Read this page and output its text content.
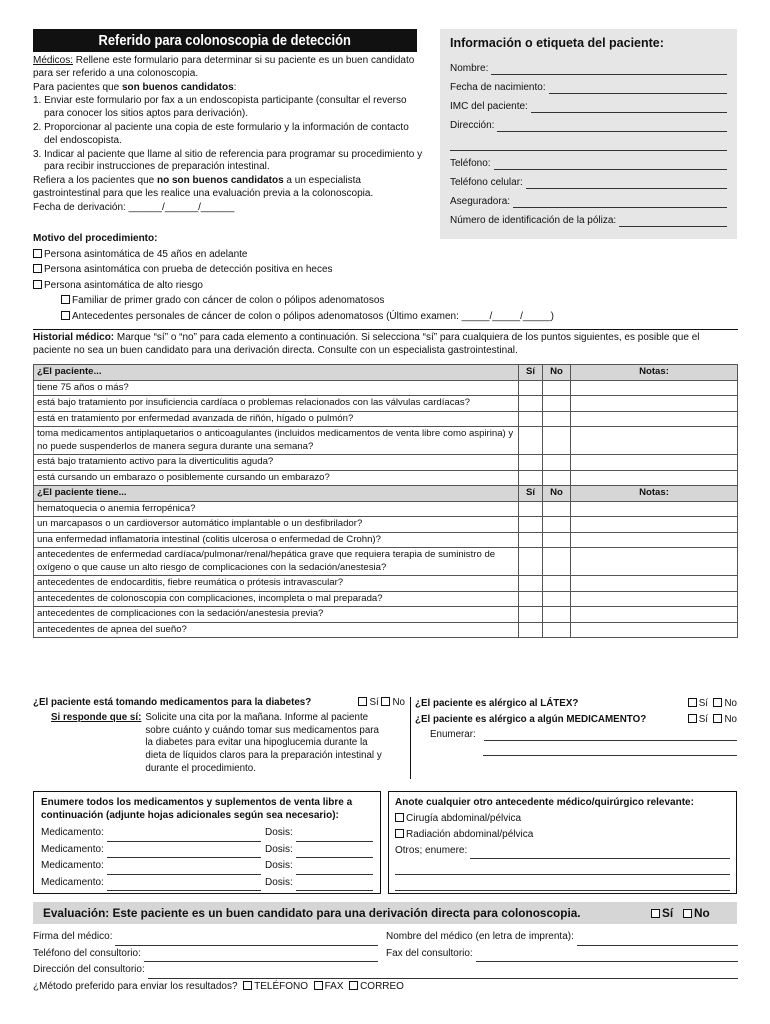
Referido para colonoscopia de detección	Información o etiqueta del paciente:
Nombre:
Fecha de nacimiento:
IMC del paciente:
Dirección:
Teléfono:
Teléfono celular:
Aseguradora:
Número de identificación de la póliza:

Médicos: Rellene este formulario para determinar si su paciente es un buen candidato para ser referido a una colonoscopia.

Para pacientes que son buenos candidatos:

1. Enviar este formulario por fax a un endoscopista participante (consultar el reverso para conocer los sitios aptos para derivación).

2. Proporcionar al paciente una copia de este formulario y la información de contacto del endoscopista.

3. Indicar al paciente que llame al sitio de referencia para programar su procedimiento y para recibir instrucciones de preparación intestinal.

Refiera a los pacientes que no son buenos candidatos a un especialista gastrointestinal para que les realice una evaluación previa a la colonoscopia.

Fecha de derivación: ______/______/______

Motivo del procedimiento:
Persona asintomática de 45 años en adelante
Persona asintomática con prueba de detección positiva en heces
Persona asintomática de alto riesgo
Familiar de primer grado con cáncer de colon o pólipos adenomatosos
Antecedentes personales de cáncer de colon o pólipos adenomatosos (Último examen: _____/_____/_____)
Historial médico: Marque “sí” o “no” para cada elemento a continuación. Si selecciona “sí” para cualquiera de los puntos siguientes, es posible que el paciente no sea un buen candidato para una derivación directa. Consulte con un especialista gastrointestinal.
¿El paciente...	Sí	No	Notas:
tiene 75 años o más?			
está bajo tratamiento por insuficiencia cardíaca o problemas relacionados con las válvulas cardíacas?			
está en tratamiento por enfermedad avanzada de riñón, hígado o pulmón?			
toma medicamentos antiplaquetarios o anticoagulantes (incluidos medicamentos de venta libre como aspirina) y no puede suspenderlos de manera segura durante una semana?			
está bajo tratamiento activo para la diverticulitis aguda?			
está cursando un embarazo o posiblemente cursando un embarazo?			
¿El paciente tiene...	Sí	No	Notas:
hematoquecia o anemia ferropénica?			
un marcapasos o un cardioversor automático implantable o un desfibrilador?			
una enfermedad inflamatoria intestinal (colitis ulcerosa o enfermedad de Crohn)?			
antecedentes de enfermedad cardíaca/pulmonar/renal/hepática grave que requiera terapia de suministro de oxígeno o que cause un alto riesgo de complicaciones con la sedación/anestesia?			
antecedentes de endocarditis, fiebre reumática o prótesis intravascular?			
antecedentes de colonoscopia con complicaciones, incompleta o mal preparada?			
antecedentes de complicaciones con la sedación/anestesia previa?			
antecedentes de apnea del sueño?			
¿El paciente está tomando medicamentos para la diabetes?	Sí No
Si responde que sí: Solicite una cita por la mañana. Informe al paciente sobre cuánto y cuándo tomar sus medicamentos para la diabetes para evitar una hipoglucemia durante la dieta de líquidos claros para la preparación intestinal y durante el procedimiento.
¿El paciente es alérgico al LÁTEX?	Sí No
¿El paciente es alérgico a algún MEDICAMENTO?	Sí No
Enumerar:
Enumere todos los medicamentos y suplementos de venta libre a continuación (adjunte hojas adicionales según sea necesario):
Medicamento:	Dosis:
Medicamento:	Dosis:
Medicamento:	Dosis:
Medicamento:	Dosis:
Anote cualquier otro antecedente médico/quirúrgico relevante:
Cirugía abdominal/pélvica
Radiación abdominal/pélvica
Otros; enumere:
Evaluación: Este paciente es un buen candidato para una derivación directa para colonoscopia.	Sí No
Firma del médico:	Nombre del médico (en letra de imprenta):
Teléfono del consultorio:	Fax del consultorio:
Dirección del consultorio:
¿Método preferido para enviar los resultados? TELÉFONO FAX CORREO
